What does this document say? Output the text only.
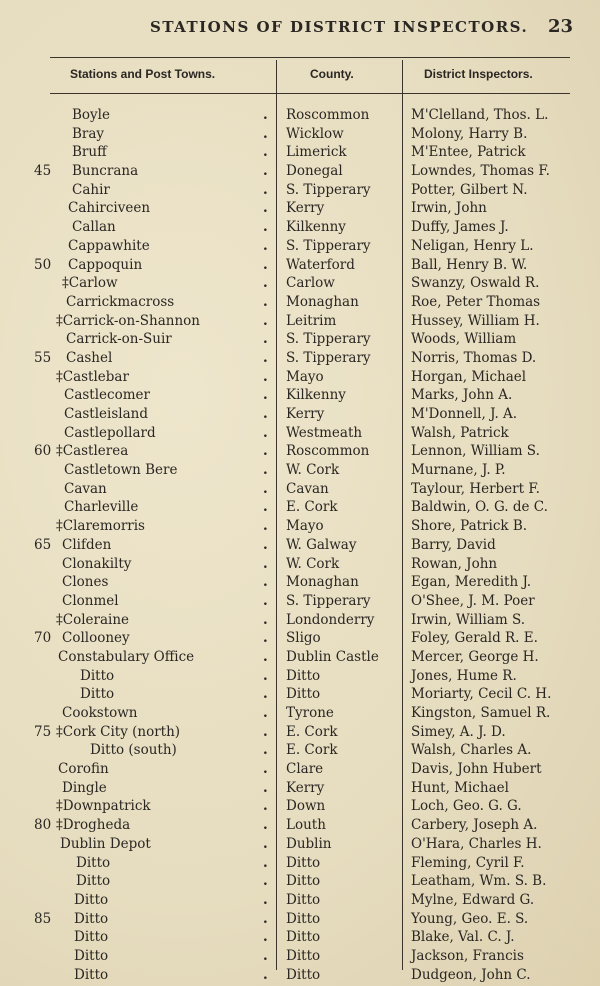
STATIONS OF DISTRICT INSPECTORS. 23
Stations and Post Towns.	County.	District Inspectors.
Boyle	. Roscommon	M'Clelland, Thos. L.
Bray	. Wicklow	Molony, Harry B.
Bruff	. Limerick	M'Entee, Patrick
45	Buncrana	. Donegal	Lowndes, Thomas F.
Cahir	. S. Tipperary	Potter, Gilbert N.
Cahirciveen	. Kerry	Irwin, John
Callan	. Kilkenny	Duffy, James J.
Cappawhite	. S. Tipperary	Neligan, Henry L.
50	Cappoquin	. Waterford	Ball, Henry B. W.
‡Carlow	. Carlow	Swanzy, Oswald R.
Carrickmacross	. Monaghan	Roe, Peter Thomas
‡Carrick-on-Shannon	. Leitrim	Hussey, William H.
Carrick-on-Suir	. S. Tipperary	Woods, William
55	Cashel	. S. Tipperary	Norris, Thomas D.
‡Castlebar	. Mayo	Horgan, Michael
Castlecomer	. Kilkenny	Marks, John A.
Castleisland	. Kerry	M'Donnell, J. A.
Castlepollard	. Westmeath	Walsh, Patrick
60 ‡Castlerea	. Roscommon	Lennon, William S.
Castletown Bere	. W. Cork	Murnane, J. P.
Cavan	. Cavan	Taylour, Herbert F.
Charleville	. E. Cork	Baldwin, O. G. de C.
‡Claremorris	. Mayo	Shore, Patrick B.
65 Clifden	. W. Galway	Barry, David
Clonakilty	. W. Cork	Rowan, John
Clones	. Monaghan	Egan, Meredith J.
Clonmel	. S. Tipperary	O'Shee, J. M. Poer
‡Coleraine	. Londonderry	Irwin, William S.
70 Collooney	. Sligo	Foley, Gerald R. E.
Constabulary Office	. Dublin Castle Mercer, George H.
Ditto	. Ditto	Jones, Hume R.
Ditto	. Ditto	Moriarty, Cecil C. H.
Cookstown	. Tyrone	Kingston, Samuel R.
75 ‡Cork City (north)	. E. Cork	Simey, A. J. D.
Ditto (south)	. E. Cork	Walsh, Charles A.
Corofin	. Clare	Davis, John Hubert
Dingle	. Kerry	Hunt, Michael
‡Downpatrick	. Down	Loch, Geo. G. G.
80 ‡Drogheda	. Louth	Carbery, Joseph A.
Dublin Depot	. Dublin	O'Hara, Charles H.
Ditto	. Ditto	Fleming, Cyril F.
Ditto	. Ditto	Leatham, Wm. S. B.
Ditto	. Ditto	Mylne, Edward G.
85	Ditto	. Ditto	Young, Geo. E. S.
Ditto	. Ditto	Blake, Val. C. J.
Ditto	. Ditto	Jackson, Francis
Ditto	. Ditto	Dudgeon, John C.
